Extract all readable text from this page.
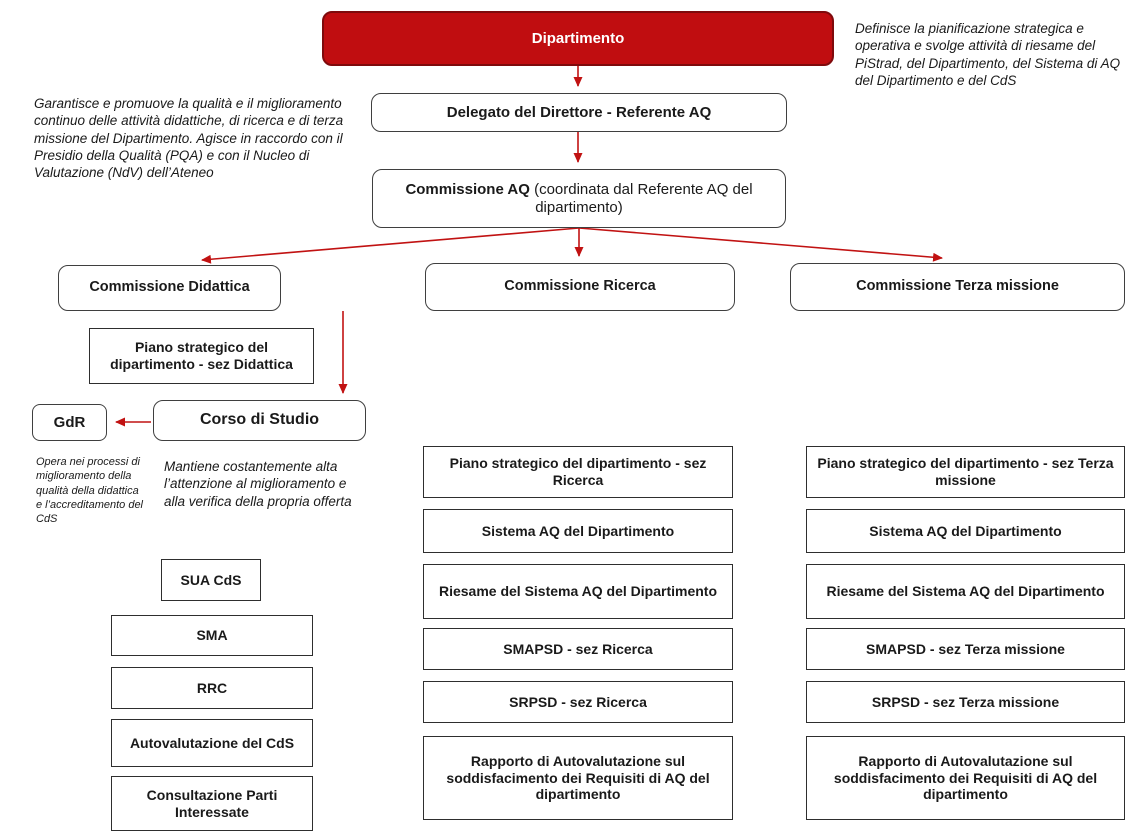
Dipartimento
Delegato del Direttore - Referente AQ
Commissione AQ (coordinata dal Referente AQ del dipartimento)
Commissione Didattica	Commissione Ricerca	Commissione Terza missione
Piano strategico del dipartimento - sez Didattica
Corso di Studio
GdR
SUA CdS
SMA
RRC
Autovalutazione del CdS
Consultazione Parti Interessate
Piano strategico del dipartimento - sez Ricerca
Sistema AQ del Dipartimento
Riesame del Sistema AQ del Dipartimento
SMAPSD - sez Ricerca
SRPSD - sez Ricerca
Rapporto di Autovalutazione sul soddisfacimento dei Requisiti di AQ del dipartimento
Piano strategico del dipartimento - sez Terza missione
Sistema AQ del Dipartimento
Riesame del Sistema AQ del Dipartimento
SMAPSD - sez Terza missione
SRPSD - sez Terza missione
Rapporto di Autovalutazione sul soddisfacimento dei Requisiti di AQ del dipartimento
Definisce la pianificazione strategica e operativa e svolge attività di riesame del PiStrad, del Dipartimento, del Sistema di AQ del Dipartimento e del CdS
Garantisce e promuove la qualità e il miglioramento continuo delle attività didattiche, di ricerca e di terza missione del Dipartimento. Agisce in raccordo con il Presidio della Qualità (PQA) e con il Nucleo di Valutazione (NdV) dell’Ateneo
Opera nei processi di miglioramento della qualità della didattica e l’accreditamento del CdS
Mantiene costantemente alta l’attenzione al miglioramento e alla verifica della propria offerta
